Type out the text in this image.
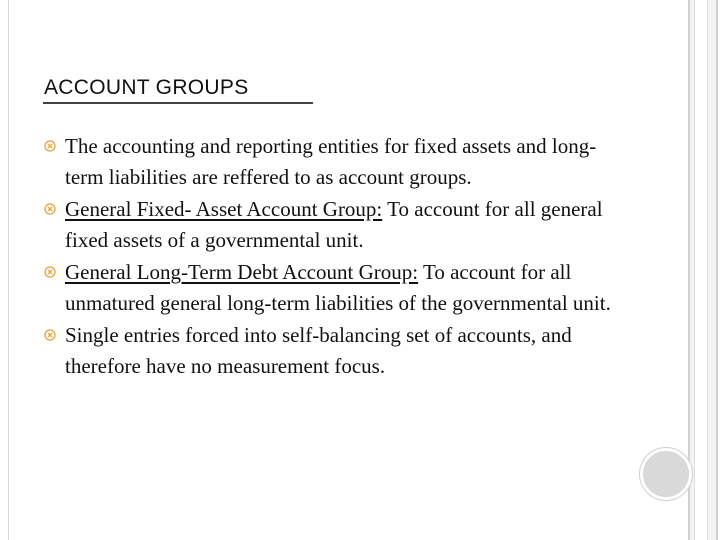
ACCOUNT GROUPS
The accounting and reporting entities for fixed assets and long-term liabilities are reffered to as account groups.
General Fixed- Asset Account Group: To account for all general fixed assets of a governmental unit.
General Long-Term Debt Account Group: To account for all unmatured general long-term liabilities of the governmental unit.
Single entries forced into self-balancing set of accounts, and therefore have no measurement focus.
